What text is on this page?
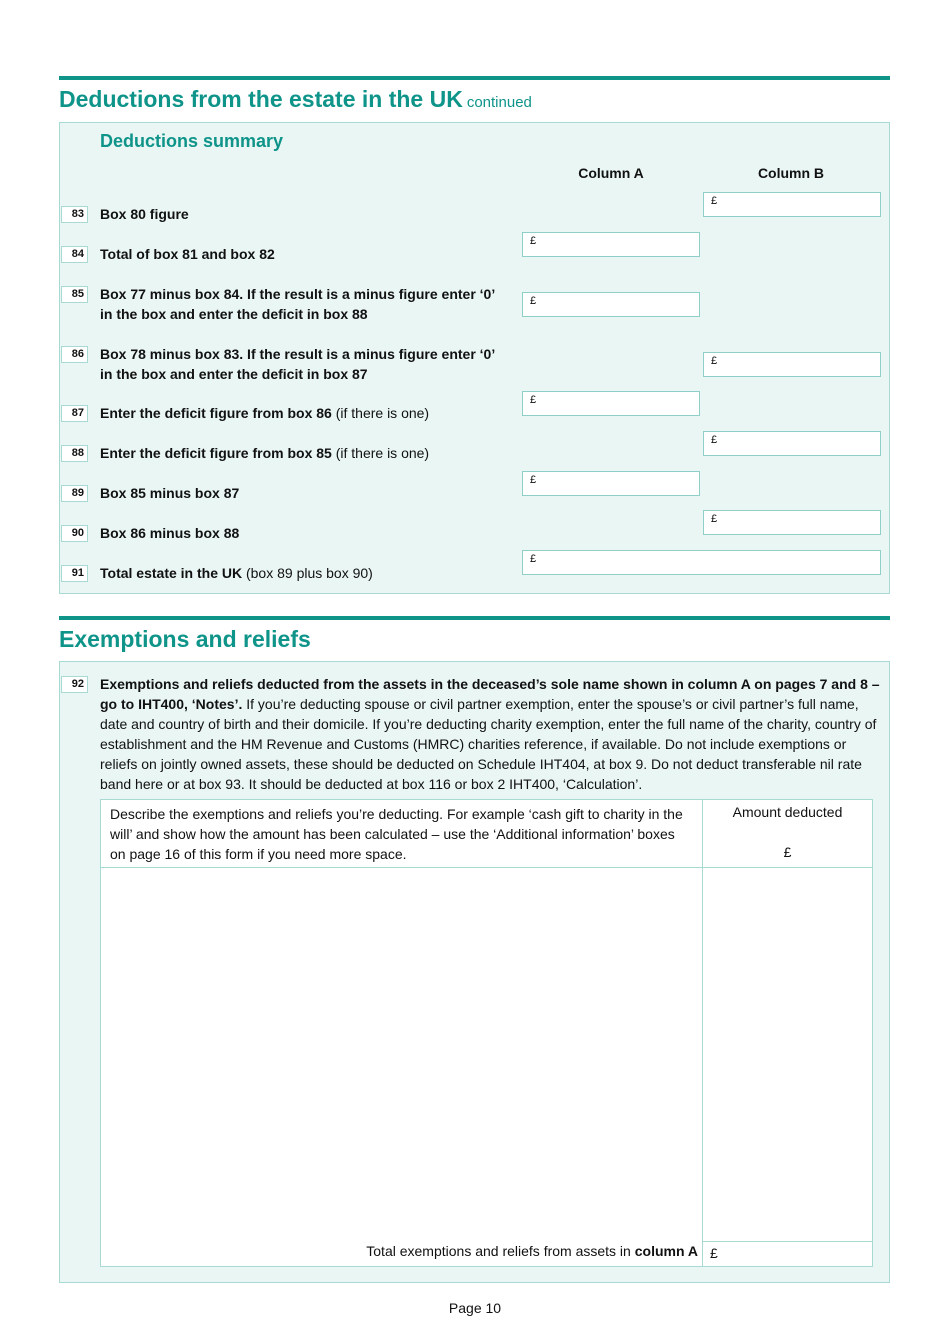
Deductions from the estate in the UK continued
Deductions summary
Column A	Column B
83 Box 80 figure
£
84 Total of box 81 and box 82
£
85 Box 77 minus box 84. If the result is a minus figure enter ‘0’ in the box and enter the deficit in box 88
£
86 Box 78 minus box 83. If the result is a minus figure enter ‘0’ in the box and enter the deficit in box 87
£
87 Enter the deficit figure from box 86 (if there is one)
£
88 Enter the deficit figure from box 85 (if there is one)
£
89 Box 85 minus box 87
£
90 Box 86 minus box 88
£
91 Total estate in the UK (box 89 plus box 90)
£
Exemptions and reliefs
92 Exemptions and reliefs deducted from the assets in the deceased’s sole name shown in column A on pages 7 and 8 – go to IHT400, ‘Notes’. If you’re deducting spouse or civil partner exemption, enter the spouse’s or civil partner’s full name, date and country of birth and their domicile. If you’re deducting charity exemption, enter the full name of the charity, country of establishment and the HM Revenue and Customs (HMRC) charities reference, if available. Do not include exemptions or reliefs on jointly owned assets, these should be deducted on Schedule IHT404, at box 9. Do not deduct transferable nil rate band here or at box 93. It should be deducted at box 116 or box 2 IHT400, ‘Calculation’.
Describe the exemptions and reliefs you’re deducting. For example ‘cash gift to charity in the will’ and show how the amount has been calculated – use the ‘Additional information’ boxes on page 16 of this form if you need more space.
Amount deducted
£
Total exemptions and reliefs from assets in column A £
Page 10
